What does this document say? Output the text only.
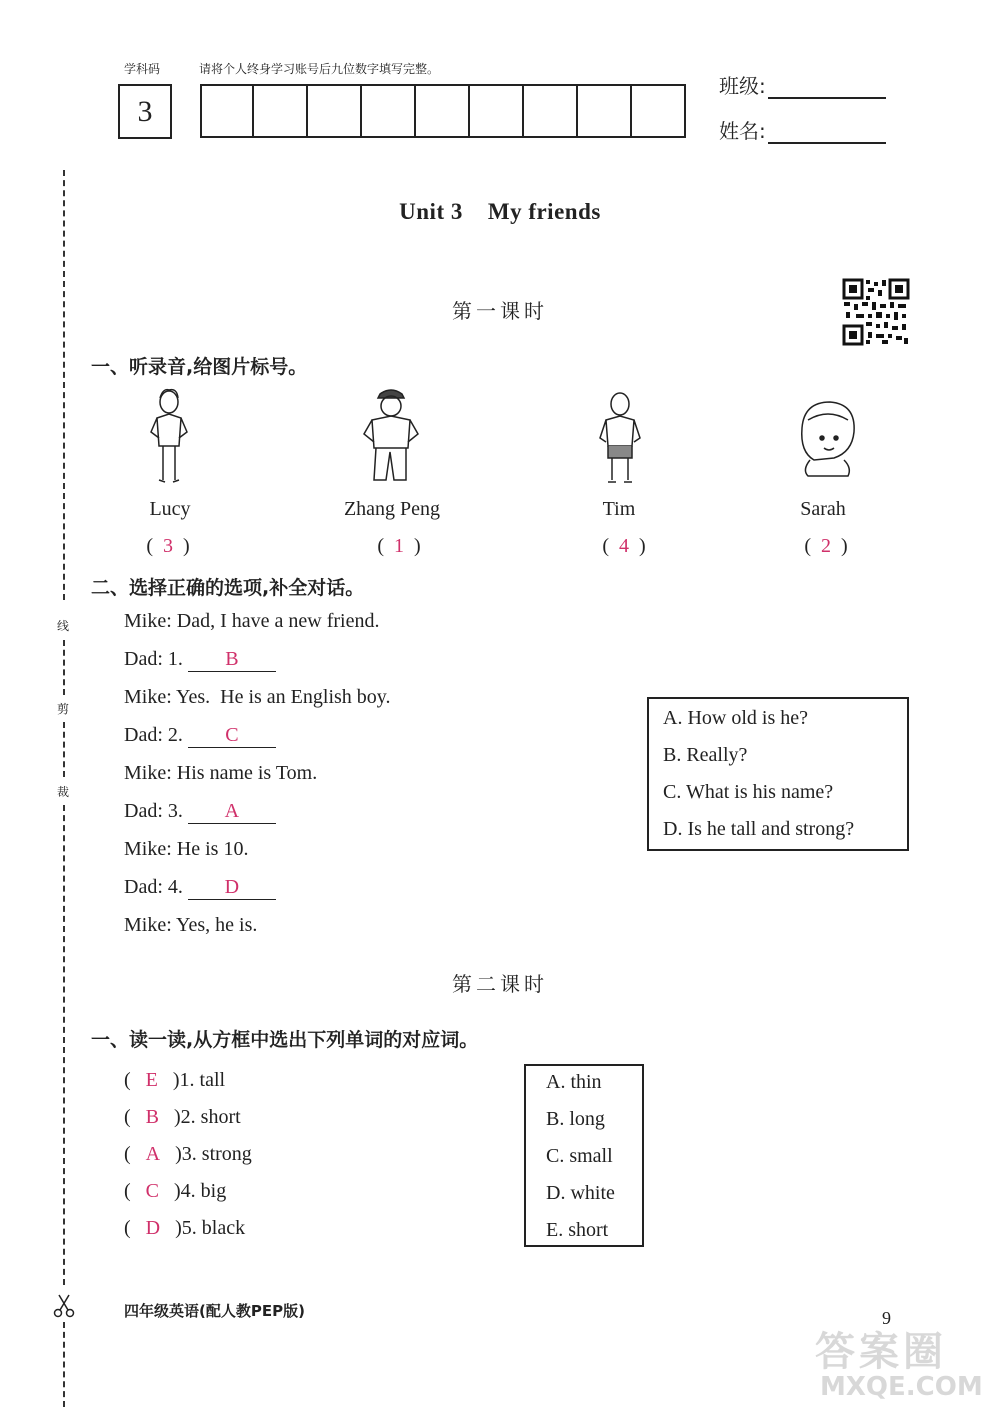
学科码	请将个人终身学习账号后九位数字填写完整。
3
班级:
姓名:
线
剪
裁
Unit 3    My friends
第一课时
一、听录音,给图片标号。
Lucy	Zhang Peng	Tim	Sarah
(  3  )	(  1  )	(  4  )	(  2  )
二、选择正确的选项,补全对话。
Mike: Dad, I have a new friend.
Dad: 1. B
Mike: Yes.  He is an English boy.
Dad: 2. C
Mike: His name is Tom.
Dad: 3. A
Mike: He is 10.
Dad: 4. D
Mike: Yes, he is.
A. How old is he?
B. Really?
C. What is his name?
D. Is he tall and strong?
第二课时
一、读一读,从方框中选出下列单词的对应词。
(   E )1. tall
(   B )2. short
(   A )3. strong
(   C )4. big
(   D )5. black
A. thin
B. long
C. small
D. white
E. short
四年级英语(配人教PEP版)	9
答案圈
MXQE.COM
